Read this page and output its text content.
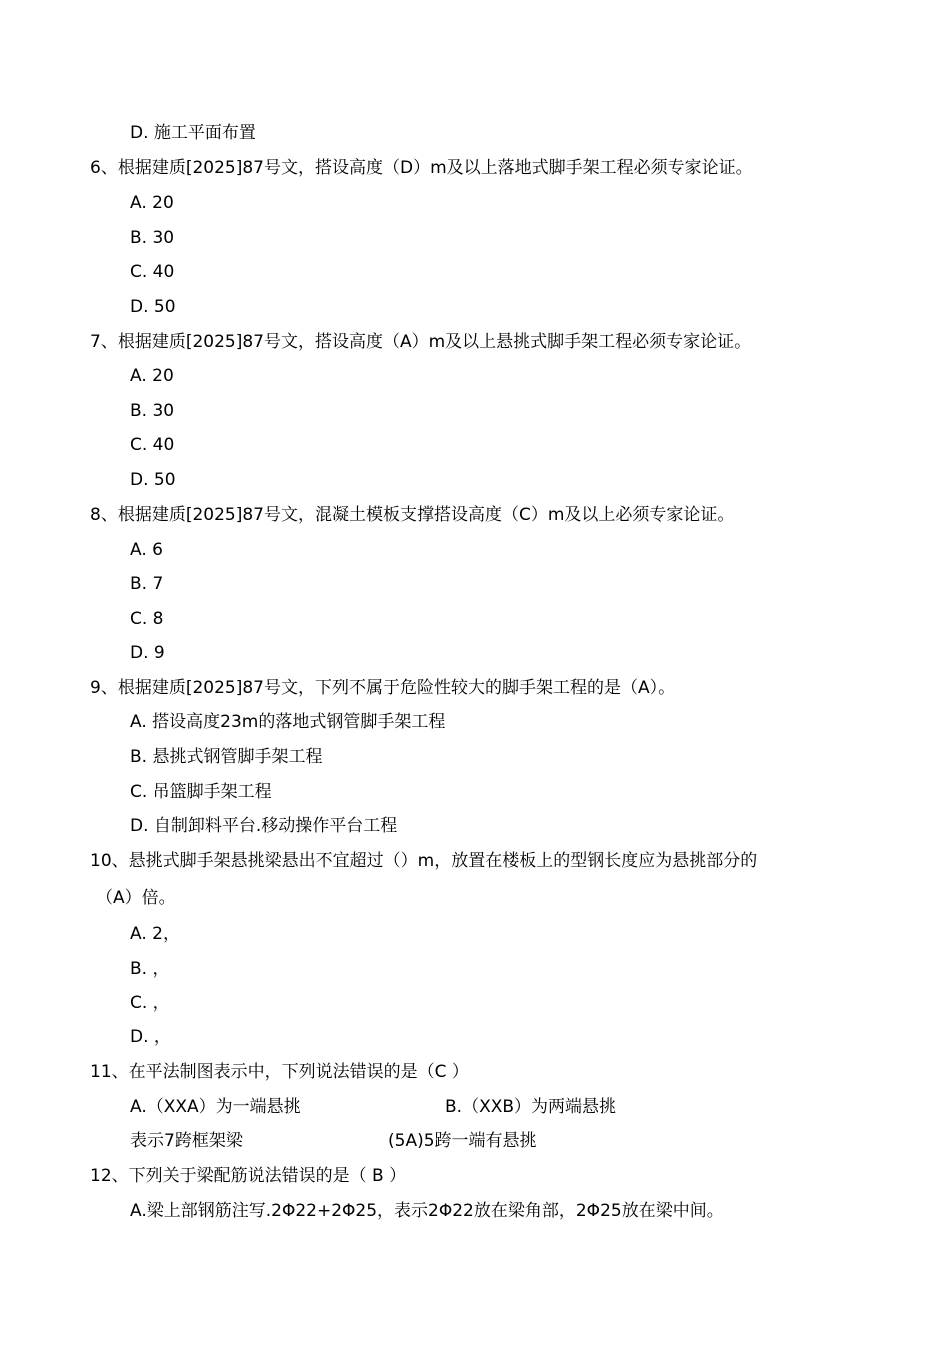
D. 施工平面布置
6、根据建质[2025]87号文，搭设高度（D）m及以上落地式脚手架工程必须专家论证。
A. 20
B. 30
C. 40
D. 50
7、根据建质[2025]87号文，搭设高度（A）m及以上悬挑式脚手架工程必须专家论证。
A. 20
B. 30
C. 40
D. 50
8、根据建质[2025]87号文，混凝土模板支撑搭设高度（C）m及以上必须专家论证。
A. 6
B. 7
C. 8
D. 9
9、根据建质[2025]87号文，下列不属于危险性较大的脚手架工程的是（A）。
A. 搭设高度23m的落地式钢管脚手架工程
B. 悬挑式钢管脚手架工程
C. 吊篮脚手架工程
D. 自制卸料平台.移动操作平台工程
10、悬挑式脚手架悬挑梁悬出不宜超过（）m，放置在楼板上的型钢长度应为悬挑部分的
（A）倍。
A. 2，
B. ，
C. ，
D. ，
11、在平法制图表示中，下列说法错误的是（C ）
A.（XXA）为一端悬挑	B.（XXB）为两端悬挑
表示7跨框架梁	(5A)5跨一端有悬挑
12、下列关于梁配筋说法错误的是（ B ）
A.梁上部钢筋注写.2Φ22+2Φ25，表示2Φ22放在梁角部，2Φ25放在梁中间。
